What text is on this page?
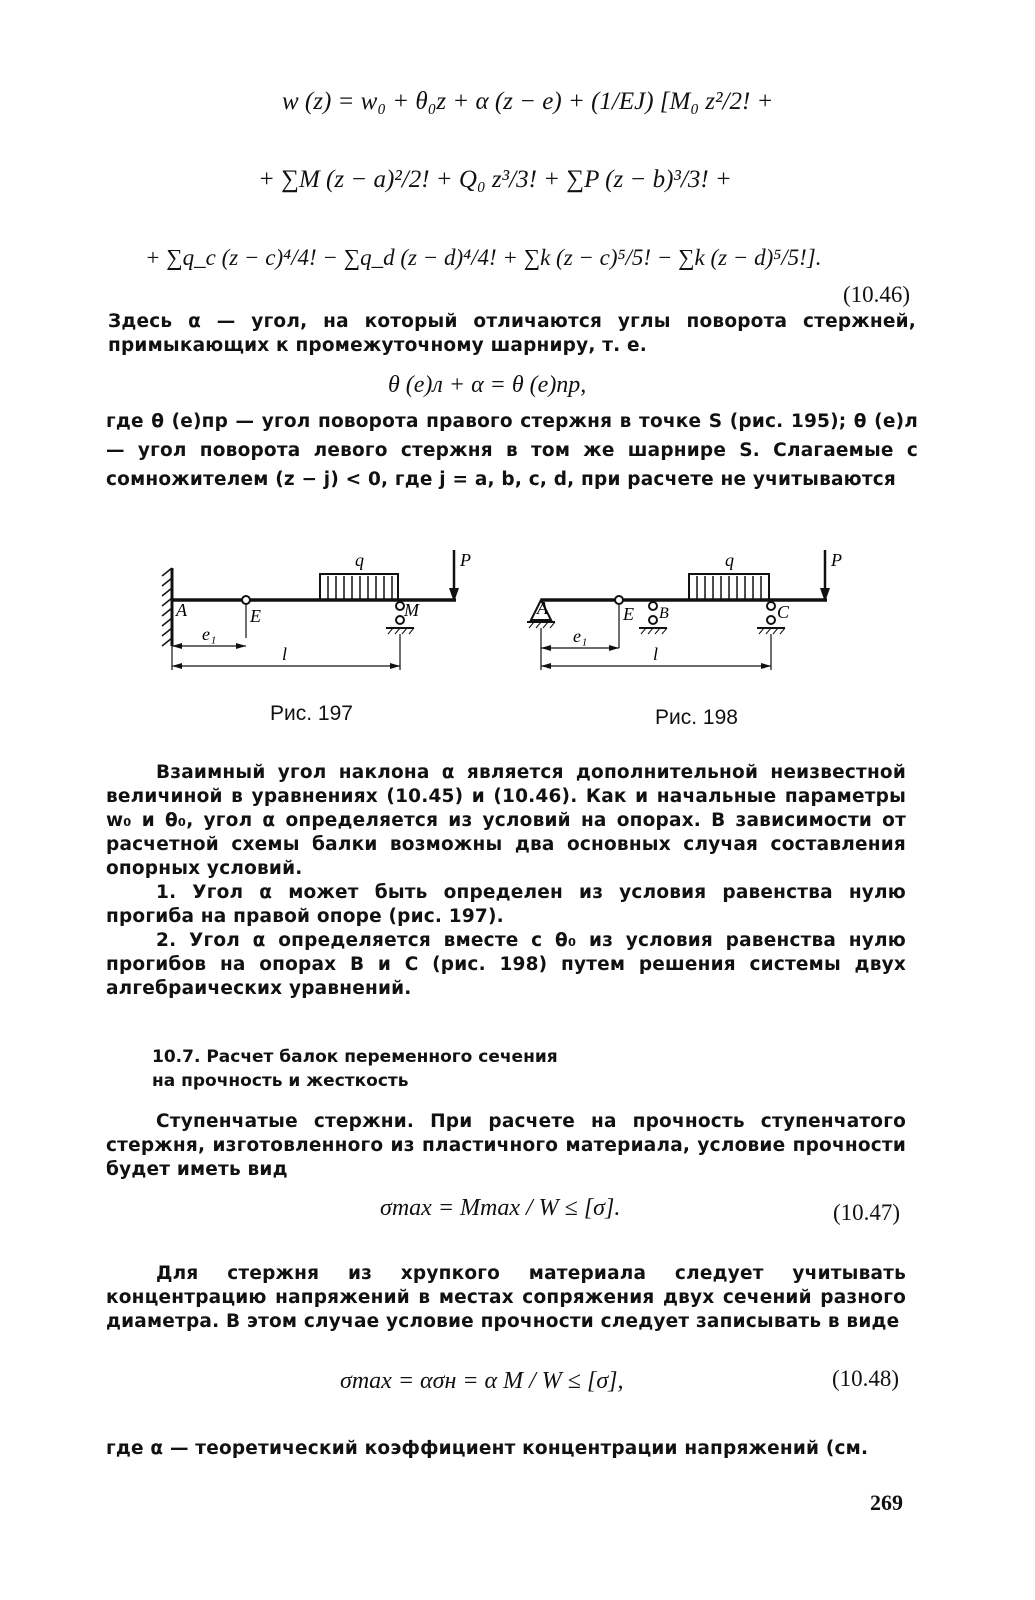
w (z) = w₀ + θ₀z + α (z − e) + (1/EJ) [M₀ z²/2! +
+ ∑M (z − a)²/2! + Q₀ z³/3! + ∑P (z − b)³/3! +
+ ∑q_c (z − c)⁴/4! − ∑q_d (z − d)⁴/4! + ∑k (z − c)⁵/5! − ∑k (z − d)⁵/5!].
(10.46)
Здесь α — угол, на который отличаются углы поворота стержней, примыкающих к промежуточному шарниру, т. е.
θ (e)л + α = θ (e)пр,
где θ (e)пр — угол поворота правого стержня в точке S (рис. 195); θ (e)л — угол поворота левого стержня в том же шарнире S. Слагаемые с сомножителем (z − j) < 0, где j = a, b, c, d, при расчете не учитываются
q	P
E
A	M
e₁
l
A	E B
q
C
P
e₁
l
Рис. 197	Рис. 198
Взаимный угол наклона α является дополнительной неизвестной величиной в уравнениях (10.45) и (10.46). Как и начальные параметры w₀ и θ₀, угол α определяется из условий на опорах. В зависимости от расчетной схемы балки возможны два основных случая составления опорных условий.
1. Угол α может быть определен из условия равенства нулю прогиба на правой опоре (рис. 197).
2. Угол α определяется вместе с θ₀ из условия равенства нулю прогибов на опорах B и C (рис. 198) путем решения системы двух алгебраических уравнений.
10.7. Расчет балок переменного сечения
на прочность и жесткость
Ступенчатые стержни. При расчете на прочность ступенчатого стержня, изготовленного из пластичного материала, условие прочности будет иметь вид
σmax = Mmax / W ≤ [σ].	(10.47)
Для стержня из хрупкого материала следует учитывать концентрацию напряжений в местах сопряжения двух сечений разного диаметра. В этом случае условие прочности следует записывать в виде
σmax = ασн = α M / W ≤ [σ],	(10.48)
где α — теоретический коэффициент концентрации напряжений (см.
269
